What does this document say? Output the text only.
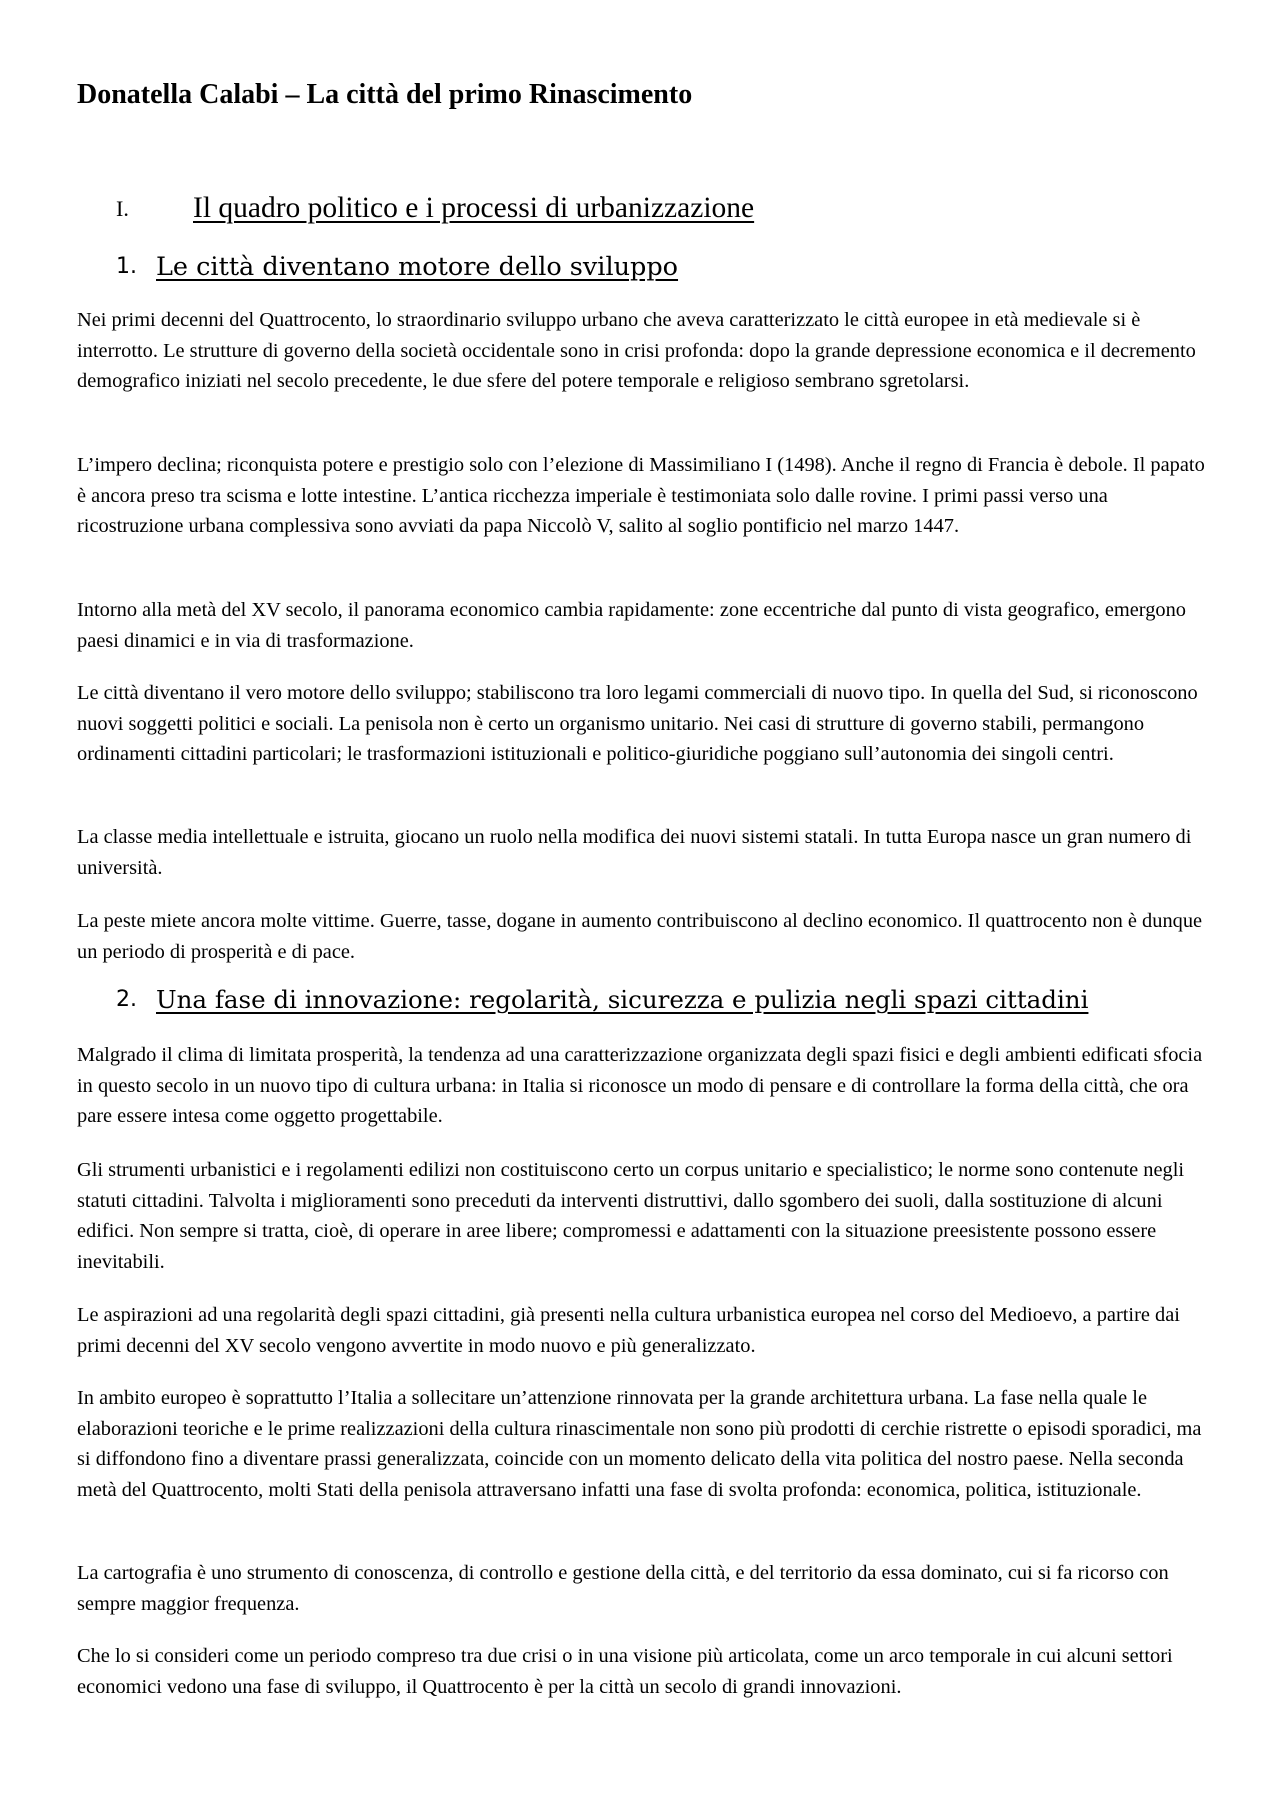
Donatella Calabi – La città del primo Rinascimento
I. Il quadro politico e i processi di urbanizzazione
1. Le città diventano motore dello sviluppo

Nei primi decenni del Quattrocento, lo straordinario sviluppo urbano che aveva caratterizzato le città europee in età medievale si è interrotto. Le strutture di governo della società occidentale sono in crisi profonda: dopo la grande depressione economica e il decremento demografico iniziati nel secolo precedente, le due sfere del potere temporale e religioso sembrano sgretolarsi.

L’impero declina; riconquista potere e prestigio solo con l’elezione di Massimiliano I (1498). Anche il regno di Francia è debole. Il papato è ancora preso tra scisma e lotte intestine. L’antica ricchezza imperiale è testimoniata solo dalle rovine. I primi passi verso una ricostruzione urbana complessiva sono avviati da papa Niccolò V, salito al soglio pontificio nel marzo 1447.

Intorno alla metà del XV secolo, il panorama economico cambia rapidamente: zone eccentriche dal punto di vista geografico, emergono paesi dinamici e in via di trasformazione.

Le città diventano il vero motore dello sviluppo; stabiliscono tra loro legami commerciali di nuovo tipo. In quella del Sud, si riconoscono nuovi soggetti politici e sociali. La penisola non è certo un organismo unitario. Nei casi di strutture di governo stabili, permangono ordinamenti cittadini particolari; le trasformazioni istituzionali e politico-giuridiche poggiano sull’autonomia dei singoli centri.

La classe media intellettuale e istruita, giocano un ruolo nella modifica dei nuovi sistemi statali. In tutta Europa nasce un gran numero di università.

La peste miete ancora molte vittime. Guerre, tasse, dogane in aumento contribuiscono al declino economico. Il quattrocento non è dunque un periodo di prosperità e di pace.

2. Una fase di innovazione: regolarità, sicurezza e pulizia negli spazi cittadini

Malgrado il clima di limitata prosperità, la tendenza ad una caratterizzazione organizzata degli spazi fisici e degli ambienti edificati sfocia in questo secolo in un nuovo tipo di cultura urbana: in Italia si riconosce un modo di pensare e di controllare la forma della città, che ora pare essere intesa come oggetto progettabile.

Gli strumenti urbanistici e i regolamenti edilizi non costituiscono certo un corpus unitario e specialistico; le norme sono contenute negli statuti cittadini. Talvolta i miglioramenti sono preceduti da interventi distruttivi, dallo sgombero dei suoli, dalla sostituzione di alcuni edifici. Non sempre si tratta, cioè, di operare in aree libere; compromessi e adattamenti con la situazione preesistente possono essere inevitabili.

Le aspirazioni ad una regolarità degli spazi cittadini, già presenti nella cultura urbanistica europea nel corso del Medioevo, a partire dai primi decenni del XV secolo vengono avvertite in modo nuovo e più generalizzato.

In ambito europeo è soprattutto l’Italia a sollecitare un’attenzione rinnovata per la grande architettura urbana. La fase nella quale le elaborazioni teoriche e le prime realizzazioni della cultura rinascimentale non sono più prodotti di cerchie ristrette o episodi sporadici, ma si diffondono fino a diventare prassi generalizzata, coincide con un momento delicato della vita politica del nostro paese. Nella seconda metà del Quattrocento, molti Stati della penisola attraversano infatti una fase di svolta profonda: economica, politica, istituzionale.

La cartografia è uno strumento di conoscenza, di controllo e gestione della città, e del territorio da essa dominato, cui si fa ricorso con sempre maggior frequenza.

Che lo si consideri come un periodo compreso tra due crisi o in una visione più articolata, come un arco temporale in cui alcuni settori economici vedono una fase di sviluppo, il Quattrocento è per la città un secolo di grandi innovazioni.
